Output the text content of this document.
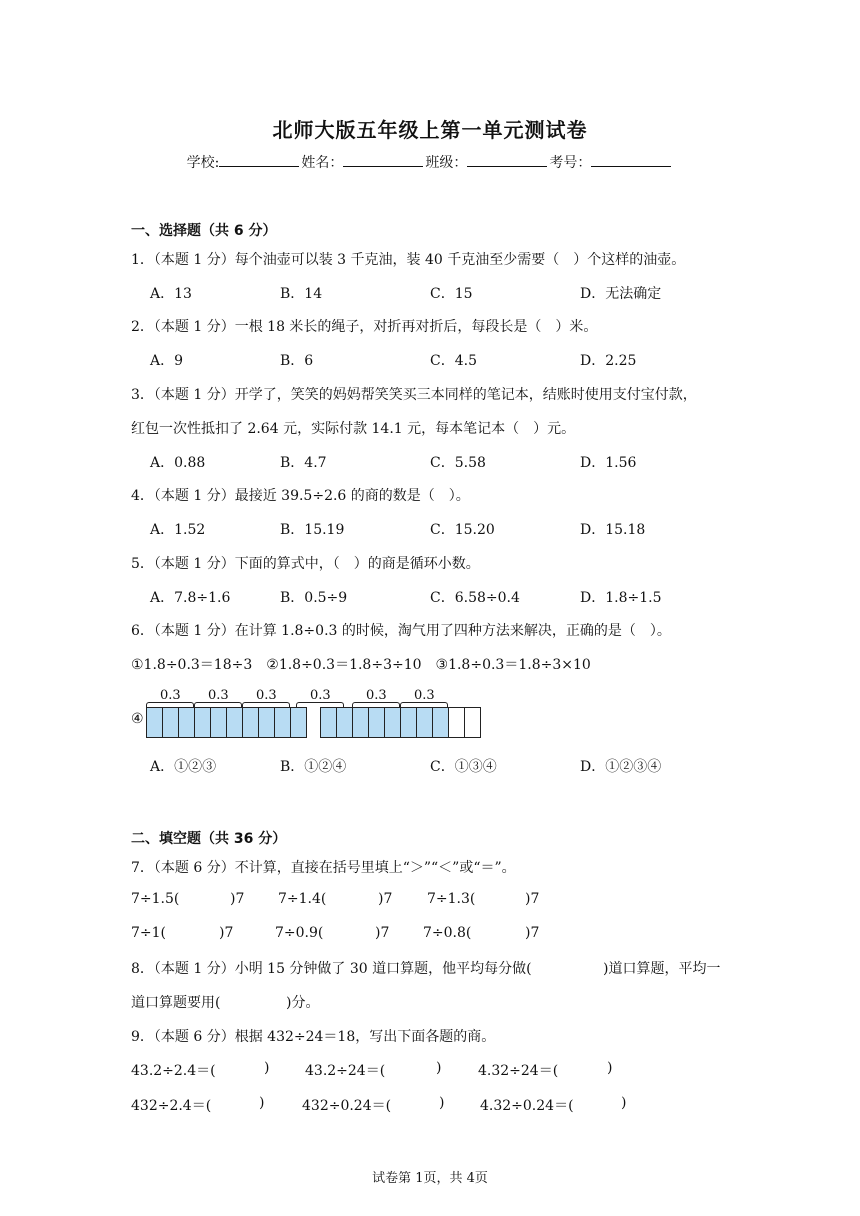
北师大版五年级上第一单元测试卷
学校:	姓名：	班级：	考号：
一、选择题（共 6 分）
1．（本题 1 分）每个油壶可以装 3 千克油，装 40 千克油至少需要（　）个这样的油壶。
A．13	B．14	C．15	D．无法确定
2．（本题 1 分）一根 18 米长的绳子，对折再对折后，每段长是（　）米。
A．9	B．6	C．4.5	D．2.25
3．（本题 1 分）开学了，笑笑的妈妈帮笑笑买三本同样的笔记本，结账时使用支付宝付款，
红包一次性抵扣了 2.64 元，实际付款 14.1 元，每本笔记本（　）元。
A．0.88	B．4.7	C．5.58	D．1.56
4．（本题 1 分）最接近 39.5÷2.6 的商的数是（　）。
A．1.52	B．15.19	C．15.20	D．15.18
5．（本题 1 分）下面的算式中，（　）的商是循环小数。
A．7.8÷1.6	B．0.5÷9	C．6.58÷0.4	D．1.8÷1.5
6．（本题 1 分）在计算 1.8÷0.3 的时候，淘气用了四种方法来解决，正确的是（　）。
①1.8÷0.3＝18÷3　②1.8÷0.3＝1.8÷3÷10　③1.8÷0.3＝1.8÷3×10
④
0.3 0.3 0.3	0.3	0.3 0.3
A．①②③	B．①②④	C．①③④	D．①②③④
二、填空题（共 36 分）
7．（本题 6 分）不计算，直接在括号里填上“＞”“＜”或“＝”。
7÷1.5(	)7 7÷1.4(	)7 7÷1.3(	)7
7÷1(	)7	7÷0.9(	)7 7÷0.8(	)7
8．（本题 1 分）小明 15 分钟做了 30 道口算题，他平均每分做(	)道口算题，平均一
道口算题要用(	)分。
9．（本题 6 分）根据 432÷24＝18，写出下面各题的商。
43.2÷2.4＝(	)	43.2÷24＝(	)	4.32÷24＝(	)
432÷2.4＝(	)	432÷0.24＝(	)	4.32÷0.24＝(	)
试卷第 1页，共 4页
